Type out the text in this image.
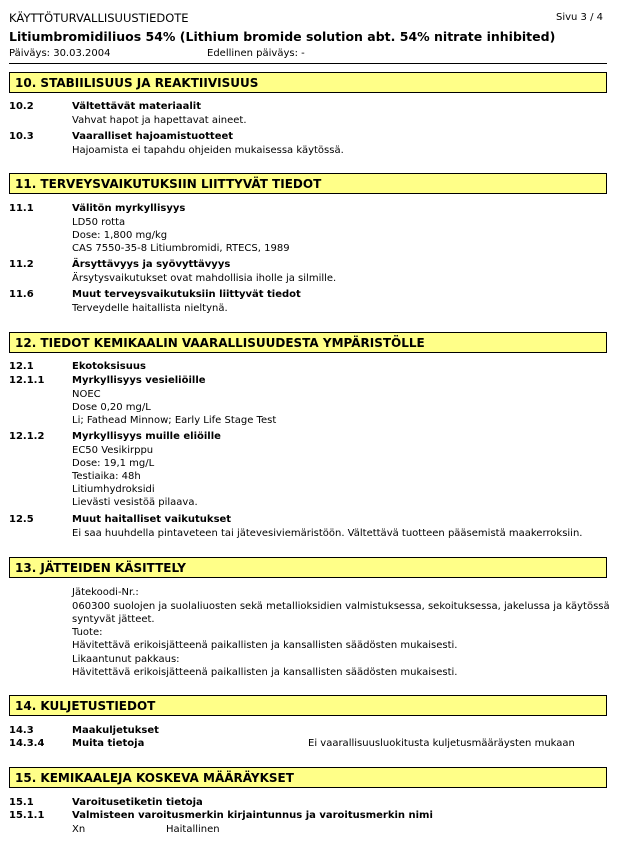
KÄYTTÖTURVALLISUUSTIEDOTE	Sivu 3 / 4
Litiumbromidiliuos 54% (Lithium bromide solution abt. 54% nitrate inhibited)
Päiväys: 30.03.2004	Edellinen päiväys: -
10. STABIILISUUS JA REAKTIIVISUUS
10.2	Vältettävät materiaalit
Vahvat hapot ja hapettavat aineet.
10.3	Vaaralliset hajoamistuotteet
Hajoamista ei tapahdu ohjeiden mukaisessa käytössä.
11. TERVEYSVAIKUTUKSIIN LIITTYVÄT TIEDOT
11.1	Välitön myrkyllisyys
LD50 rotta
Dose: 1,800 mg/kg
CAS 7550-35-8 Litiumbromidi, RTECS, 1989
11.2	Ärsyttävyys ja syövyttävyys
Ärsytysvaikutukset ovat mahdollisia iholle ja silmille.
11.6	Muut terveysvaikutuksiin liittyvät tiedot
Terveydelle haitallista nieltynä.
12. TIEDOT KEMIKAALIN VAARALLISUUDESTA YMPÄRISTÖLLE
12.1	Ekotoksisuus
12.1.1	Myrkyllisyys vesieliöille
NOEC
Dose 0,20 mg/L
Li; Fathead Minnow; Early Life Stage Test
12.1.2	Myrkyllisyys muille eliöille
EC50 Vesikirppu
Dose: 19,1 mg/L
Testiaika: 48h
Litiumhydroksidi
Lievästi vesistöä pilaava.
12.5	Muut haitalliset vaikutukset
Ei saa huuhdella pintaveteen tai jätevesiviemäristöön. Vältettävä tuotteen pääsemistä maakerroksiin.
13. JÄTTEIDEN KÄSITTELY
Jätekoodi-Nr.:
060300 suolojen ja suolaliuosten sekä metallioksidien valmistuksessa, sekoituksessa, jakelussa ja käytössä
syntyvät jätteet.
Tuote:
Hävitettävä erikoisjätteenä paikallisten ja kansallisten säädösten mukaisesti.
Likaantunut pakkaus:
Hävitettävä erikoisjätteenä paikallisten ja kansallisten säädösten mukaisesti.
14. KULJETUSTIEDOT
14.3	Maakuljetukset
14.3.4	Muita tietoja	Ei vaarallisuusluokitusta kuljetusmääräysten mukaan
15. KEMIKAALEJA KOSKEVA MÄÄRÄYKSET
15.1	Varoitusetiketin tietoja
15.1.1	Valmisteen varoitusmerkin kirjaintunnus ja varoitusmerkin nimi
Xn	Haitallinen
